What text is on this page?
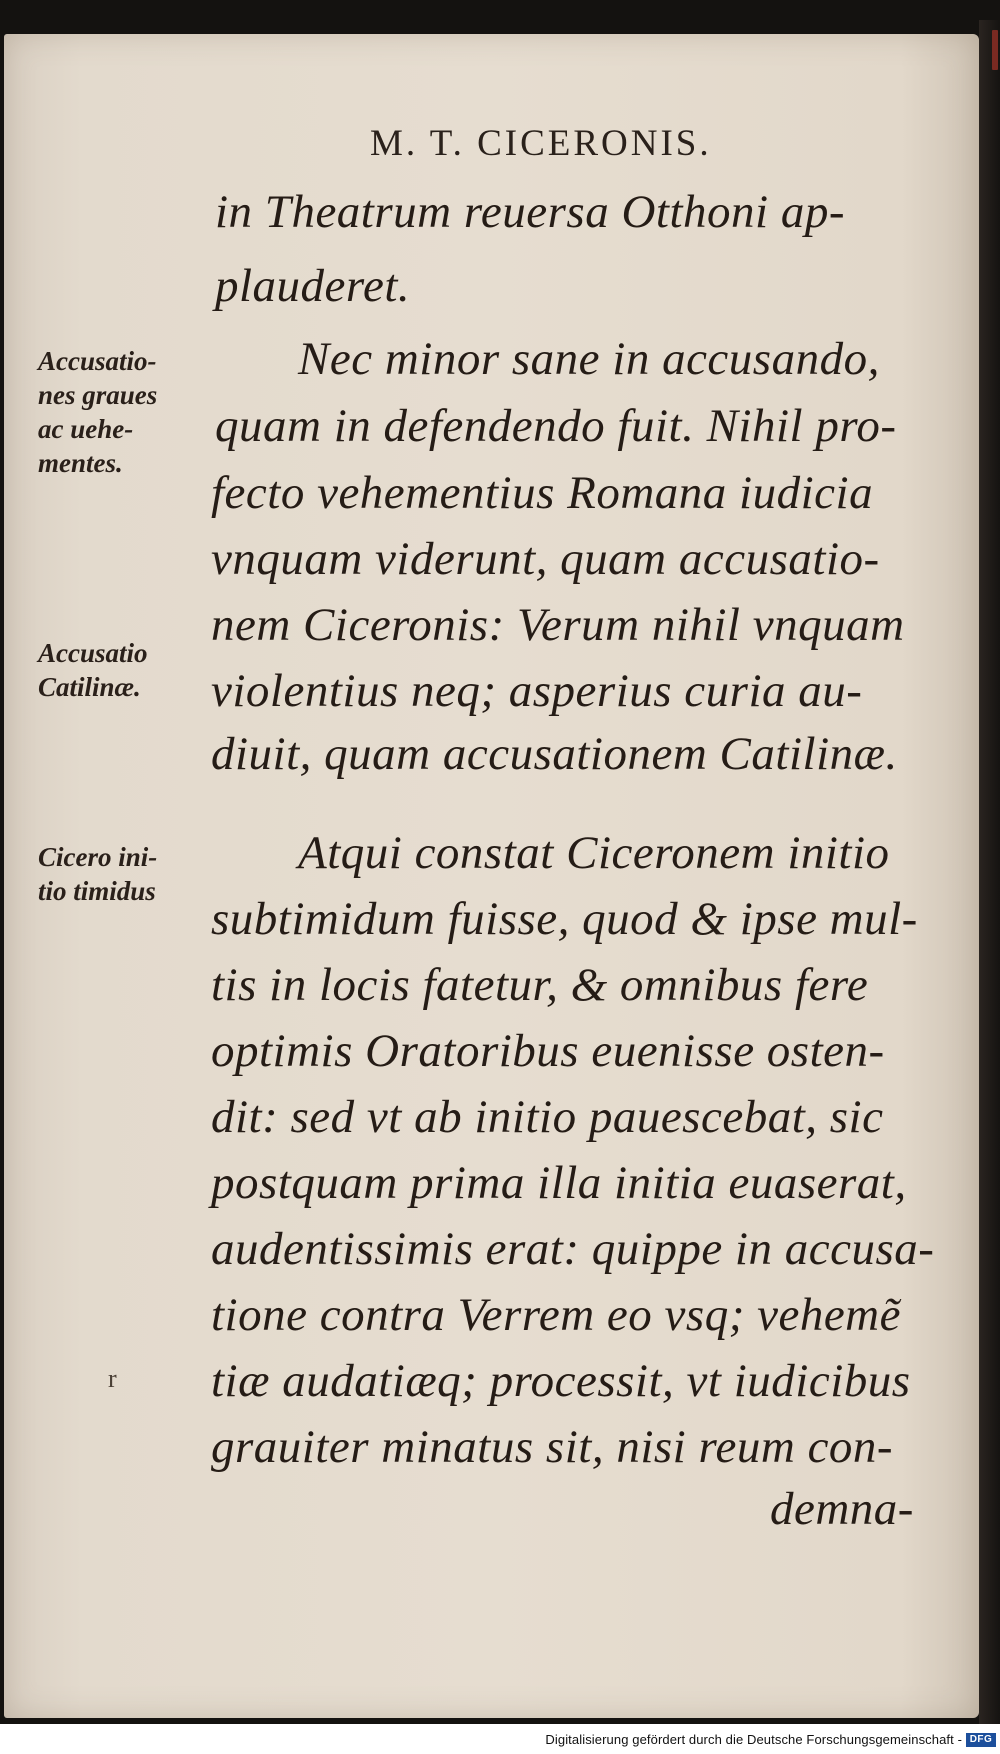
M. T. CICERONIS.
in Theatrum reuersa Otthoni ap-
plauderet.
Nec minor sane in accusando,
quam in defendendo fuit. Nihil pro-
fecto vehementius Romana iudicia
vnquam viderunt, quam accusatio-
nem Ciceronis: Verum nihil vnquam
violentius neq; asperius curia au-
diuit, quam accusationem Catilinæ.
Atqui constat Ciceronem initio
subtimidum fuisse, quod & ipse mul-
tis in locis fatetur, & omnibus fere
optimis Oratoribus euenisse osten-
dit: sed vt ab initio pauescebat, sic
postquam prima illa initia euaserat,
audentissimis erat: quippe in accusa-
tione contra Verrem eo vsq; vehemẽ
tiæ audatiæq; processit, vt iudicibus
grauiter minatus sit, nisi reum con-
demna-
Accusatio-
nes graues
ac uehe-
mentes.
Accusatio
Catilinæ.
Cicero ini-
tio timidus
r
Digitalisierung gefördert durch die Deutsche Forschungsgemeinschaft - DFG
